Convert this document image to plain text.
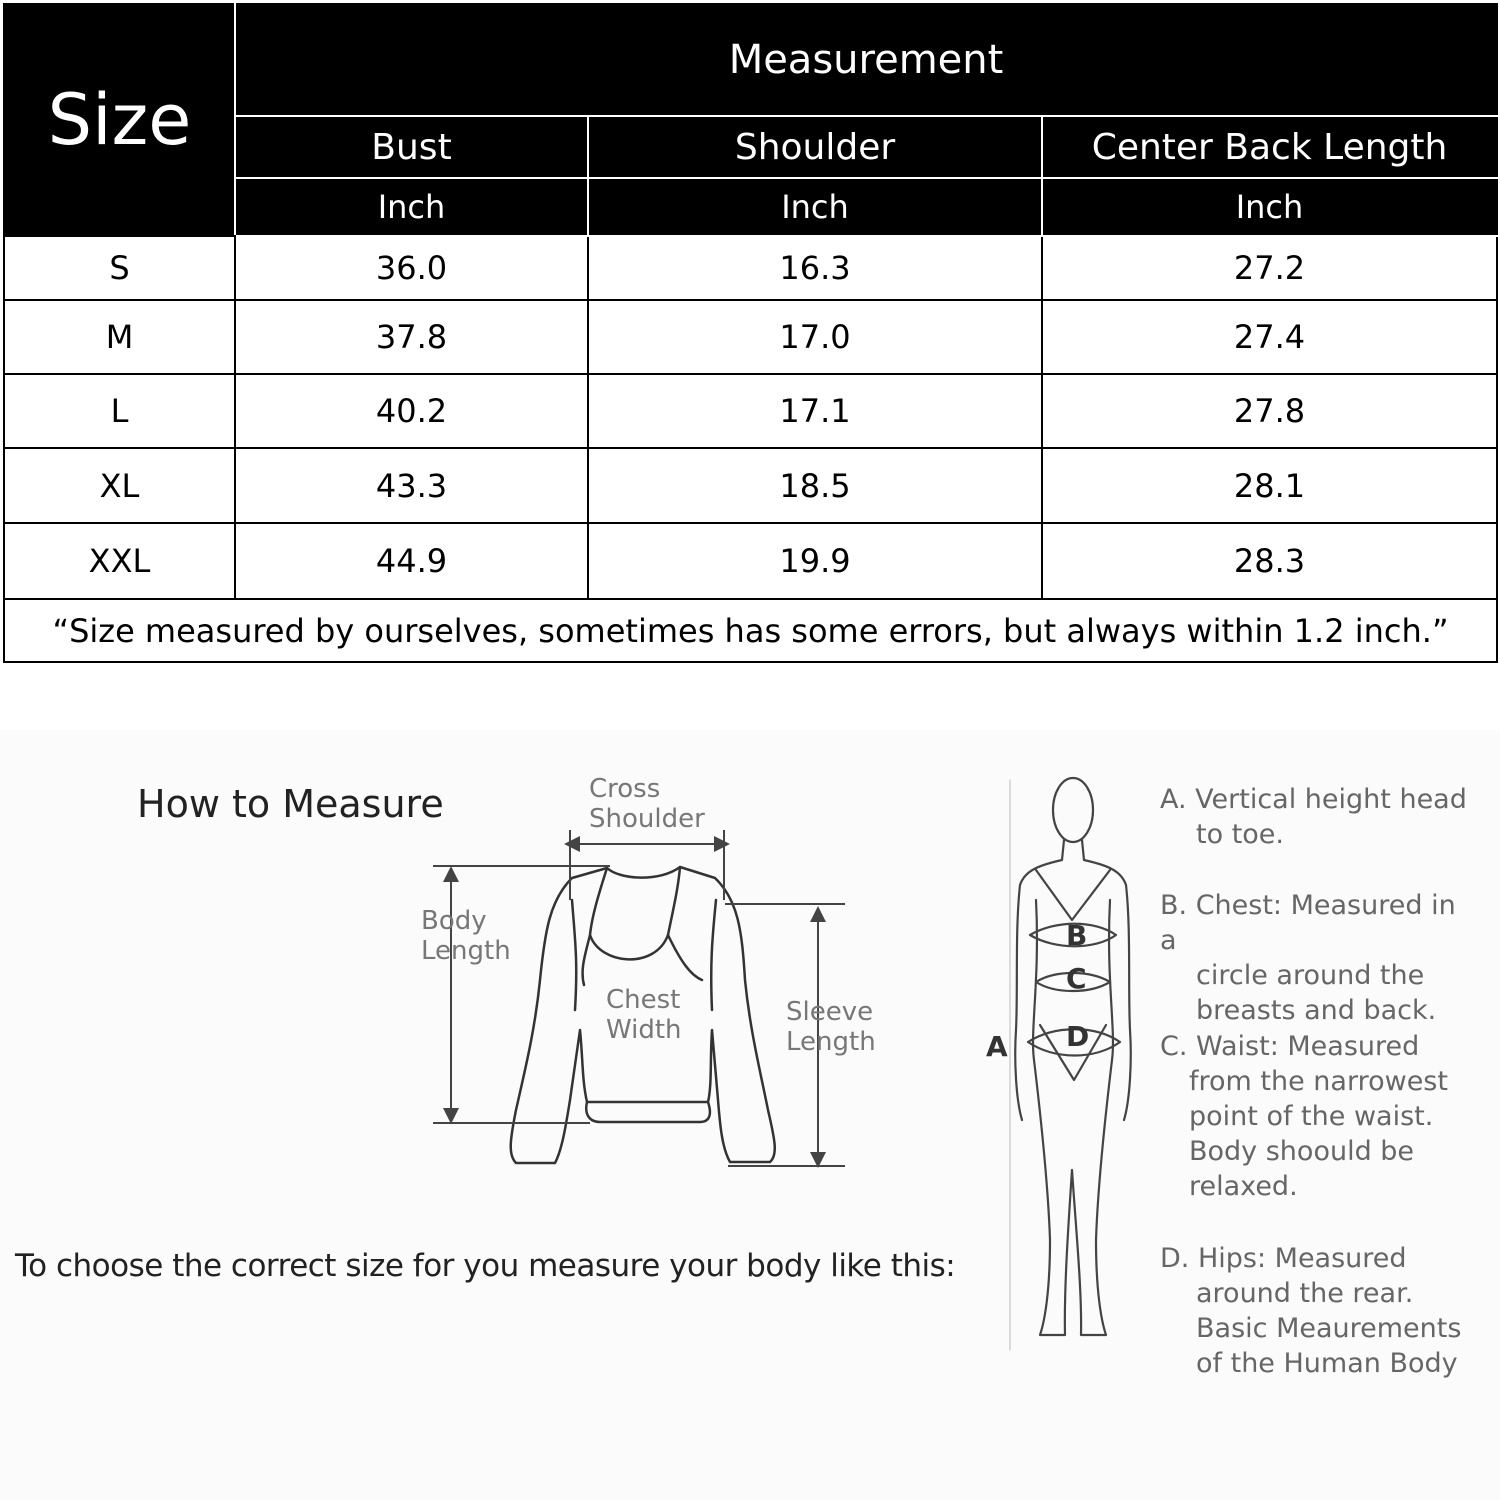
Size	Measurement		
	Bust	Shoulder	Center Back Length
	Inch	Inch	Inch
S	36.0	16.3	27.2
M	37.8	17.0	27.4
L	40.2	17.1	27.8
XL	43.3	18.5	28.1
XXL	44.9	19.9	28.3
“Size measured by ourselves, sometimes has some errors, but always within 1.2 inch.”			
How to Measure	Cross
Shoulder
Body
Length
Chest
Width
Sleeve
Length	A
B
C
D
A. Vertical height head
to toe.
B. Chest: Measured in a
circle around the
breasts and back.
C. Waist: Measured
from the narrowest
point of the waist.
Body shoould be
relaxed.
D. Hips: Measured
around the rear.
Basic Meaurements
of the Human Body
To choose the correct size for you measure your body like this:
